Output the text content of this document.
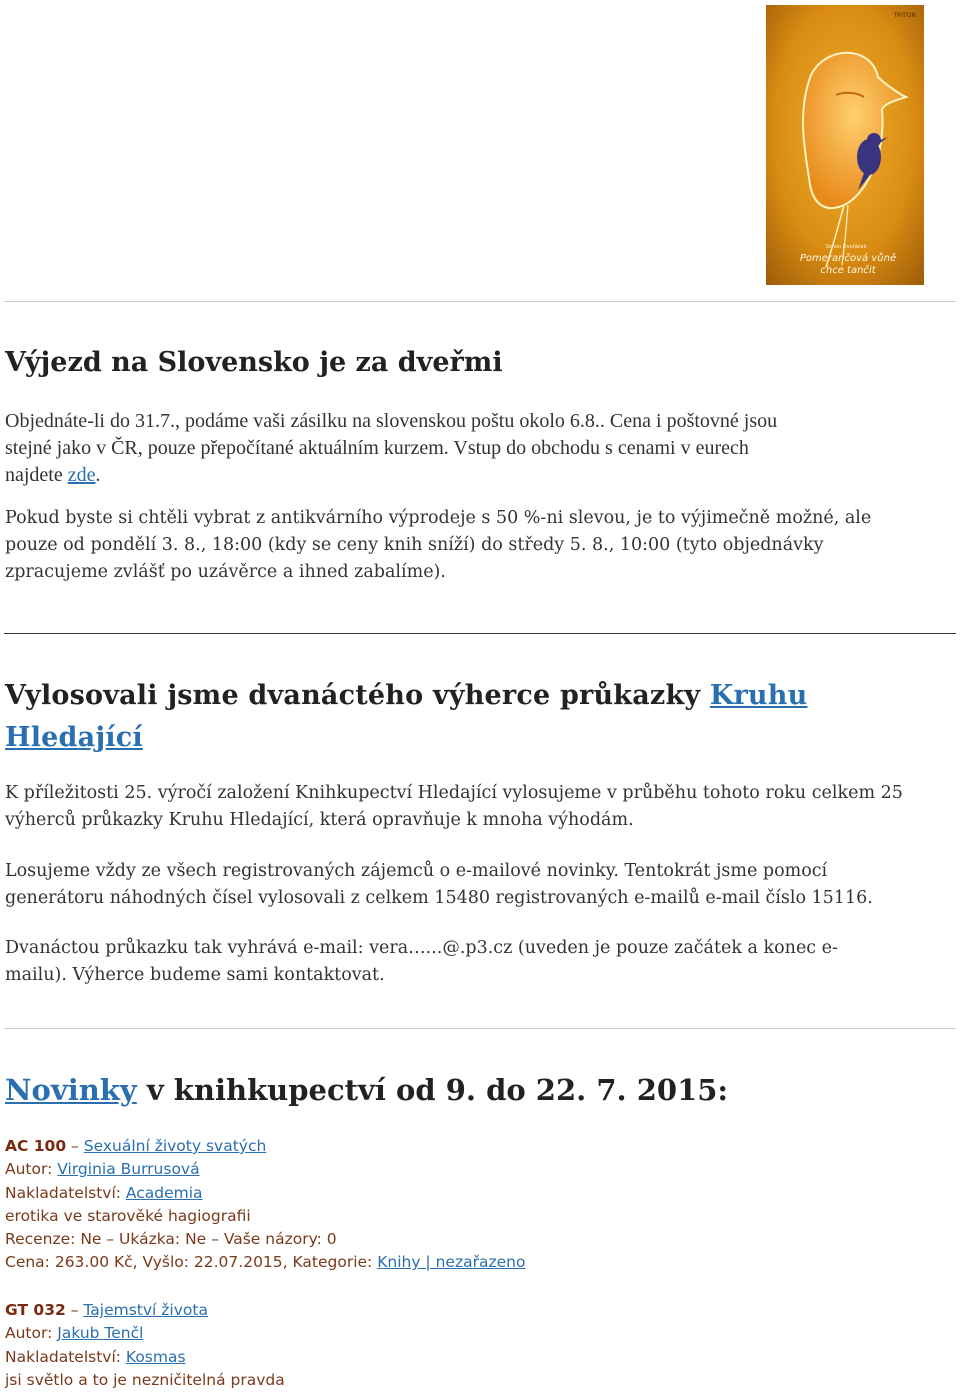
TRITON
Simon Dvořáček
Pomerančová vůně
chce tančit
Výjezd na Slovensko je za dveřmi

Objednáte-li do 31.7., podáme vaši zásilku na slovenskou poštu okolo 6.8.. Cena i poštovné jsou

stejné jako v ČR, pouze přepočítané aktuálním kurzem. Vstup do obchodu s cenami v eurech

najdete zde.

Pokud byste si chtěli vybrat z antikvárního výprodeje s 50 %-ni slevou, je to výjimečně možné, ale

pouze od pondělí 3. 8., 18:00 (kdy se ceny knih sníží) do středy 5. 8., 10:00 (tyto objednávky

zpracujeme zvlášť po uzávěrce a ihned zabalíme).

Vylosovali jsme dvanáctého výherce průkazky Kruhu
Hledající

K příležitosti 25. výročí založení Knihkupectví Hledající vylosujeme v průběhu tohoto roku celkem 25

výherců průkazky Kruhu Hledající, která opravňuje k mnoha výhodám.

Losujeme vždy ze všech registrovaných zájemců o e-mailové novinky. Tentokrát jsme pomocí

generátoru náhodných čísel vylosovali z celkem 15480 registrovaných e-mailů e-mail číslo 15116.

Dvanáctou průkazku tak vyhrává e-mail: vera…...@.p3.cz (uveden je pouze začátek a konec e-

mailu). Výherce budeme sami kontaktovat.

Novinky v knihkupectví od 9. do 22. 7. 2015:
AC 100 – Sexuální životy svatých
Autor: Virginia Burrusová
Nakladatelství: Academia
erotika ve starověké hagiografii
Recenze: Ne – Ukázka: Ne – Vaše názory: 0
Cena: 263.00 Kč, Vyšlo: 22.07.2015, Kategorie: Knihy | nezařazeno
GT 032 – Tajemství života
Autor: Jakub Tenčl
Nakladatelství: Kosmas
jsi světlo a to je nezničitelná pravda
